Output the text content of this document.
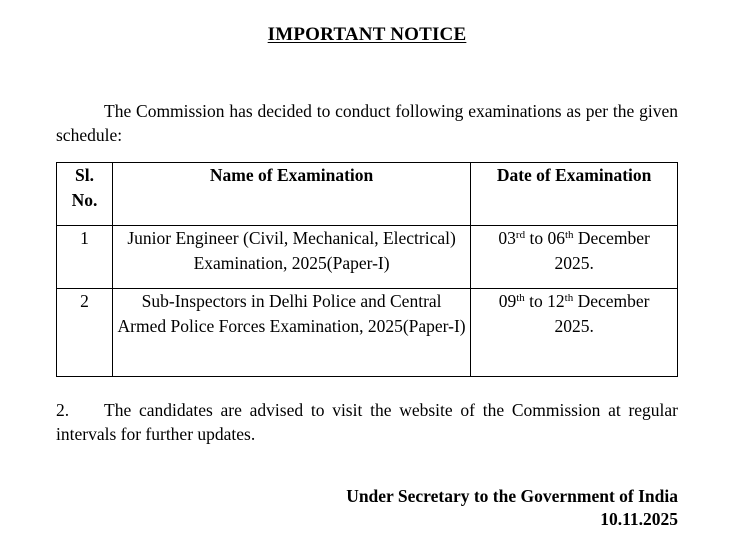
IMPORTANT NOTICE

The Commission has decided to conduct following examinations as per the given schedule:

Sl.
No.	Name of Examination	Date of Examination
1	Junior Engineer (Civil, Mechanical, Electrical) Examination, 2025(Paper-I)	03rd to 06th December
2025.
2	Sub-Inspectors in Delhi Police and Central Armed Police Forces Examination, 2025(Paper-I)	09th to 12th December
2025.

2. The candidates are advised to visit the website of the Commission at regular intervals for further updates.

Under Secretary to the Government of India
10.11.2025
